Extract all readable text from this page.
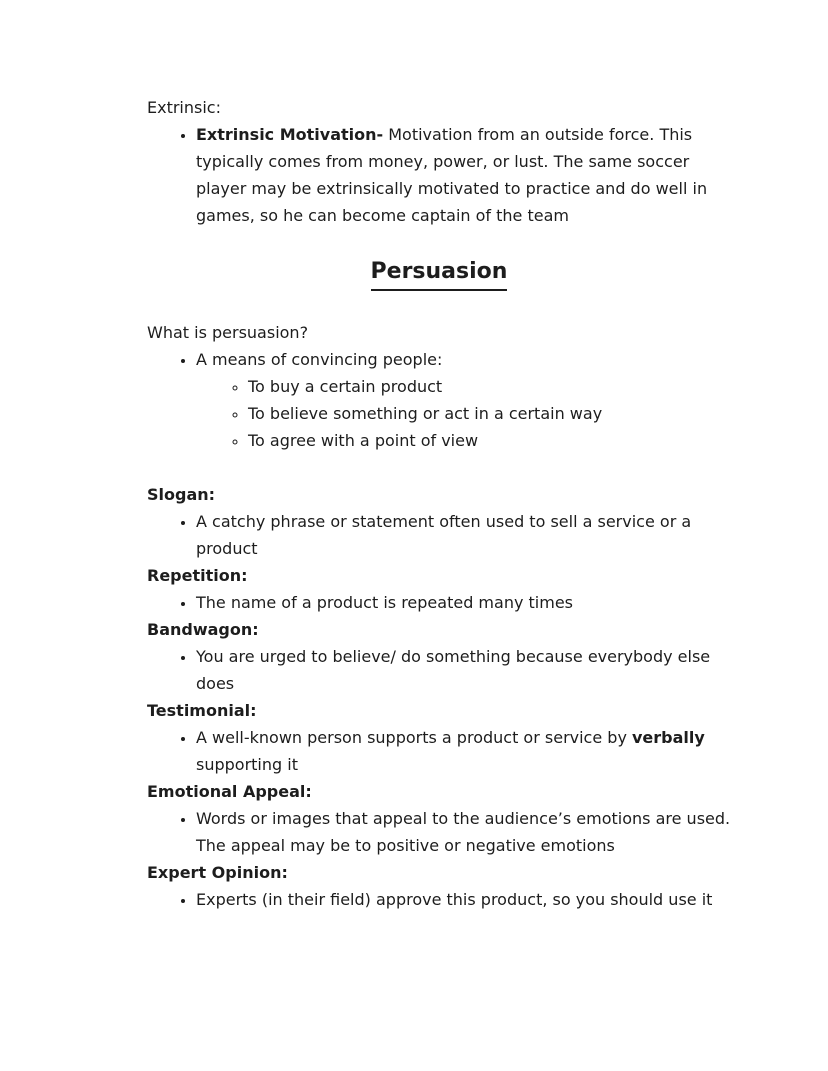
Extrinsic:

• Extrinsic Motivation- Motivation from an outside force. This typically comes from money, power, or lust. The same soccer player may be extrinsically motivated to practice and do well in games, so he can become captain of the team
Persuasion

What is persuasion?

• A means of convincing people:
◦ To buy a certain product
◦ To believe something or act in a certain way
◦ To agree with a point of view

Slogan:

• A catchy phrase or statement often used to sell a service or a product

Repetition:

• The name of a product is repeated many times

Bandwagon:

• You are urged to believe/ do something because everybody else does

Testimonial:

• A well-known person supports a product or service by verbally supporting it

Emotional Appeal:

• Words or images that appeal to the audience’s emotions are used. The appeal may be to positive or negative emotions

Expert Opinion:

• Experts (in their field) approve this product, so you should use it
